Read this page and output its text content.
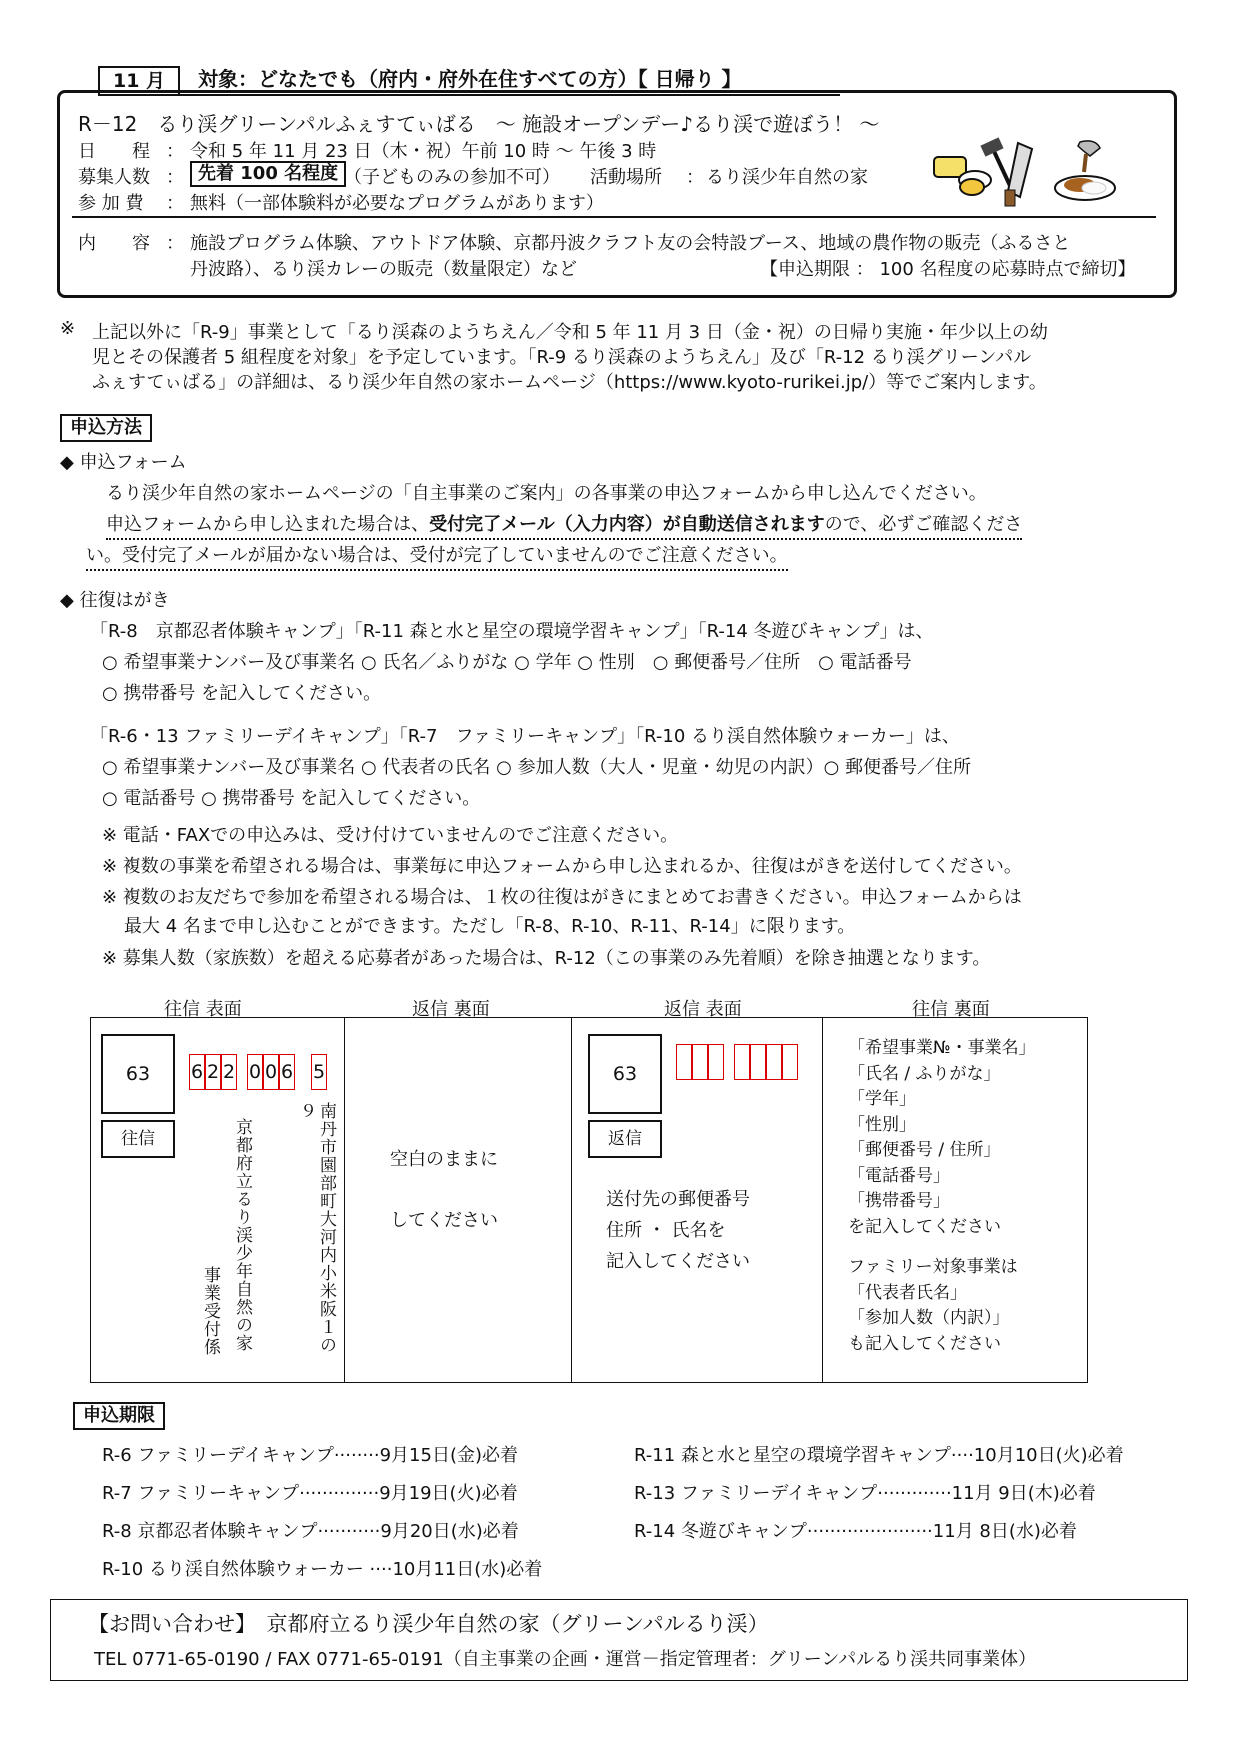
11 月	対象：どなたでも（府内・府外在住すべての方）【 日帰り 】
R－12　るり渓グリーンパルふぇすてぃばる　～ 施設オープンデー♪るり渓で遊ぼう！ ～
日　　程 ： 令和 5 年 11 月 23 日（木・祝）午前 10 時 ～ 午後 3 時
募集人数 ： 先着 100 名程度 （子どものみの参加不可） 活動場所 ： るり渓少年自然の家
参 加 費 ： 無料（一部体験料が必要なプログラムがあります）
内　　容 ： 施設プログラム体験、アウトドア体験、京都丹波クラフト友の会特設ブース、地域の農作物の販売（ふるさと
丹波路）、るり渓カレーの販売（数量限定）など	【申込期限 ： 100 名程度の応募時点で締切】
※ 上記以外に「R-9」事業として「るり渓森のようちえん／令和 5 年 11 月 3 日（金・祝）の日帰り実施・年少以上の幼
児とその保護者 5 組程度を対象」を予定しています。「R-9 るり渓森のようちえん」及び「R-12 るり渓グリーンパル
ふぇすてぃばる」の詳細は、るり渓少年自然の家ホームページ（https://www.kyoto-rurikei.jp/）等でご案内します。
申込方法
◆ 申込フォーム
るり渓少年自然の家ホームページの「自主事業のご案内」の各事業の申込フォームから申し込んでください。
申込フォームから申し込まれた場合は、受付完了メール（入力内容）が自動送信されますので、必ずご確認くださ
い。受付完了メールが届かない場合は、受付が完了していませんのでご注意ください。
◆ 往復はがき
「R-8　京都忍者体験キャンプ」「R-11 森と水と星空の環境学習キャンプ」「R-14 冬遊びキャンプ」は、
○ 希望事業ナンバー及び事業名 ○ 氏名／ふりがな ○ 学年 ○ 性別　○ 郵便番号／住所　○ 電話番号
○ 携帯番号 を記入してください。
「R-6・13 ファミリーデイキャンプ」「R-7　ファミリーキャンプ」「R-10 るり渓自然体験ウォーカー」は、
○ 希望事業ナンバー及び事業名 ○ 代表者の氏名 ○ 参加人数（大人・児童・幼児の内訳）○ 郵便番号／住所
○ 電話番号 ○ 携帯番号 を記入してください。
※ 電話・FAXでの申込みは、受け付けていませんのでご注意ください。
※ 複数の事業を希望される場合は、事業毎に申込フォームから申し込まれるか、往復はがきを送付してください。
※ 複数のお友だちで参加を希望される場合は、１枚の往復はがきにまとめてお書きください。申込フォームからは
最大 4 名まで申し込むことができます。ただし「R-8、R-10、R-11、R-14」に限ります。
※ 募集人数（家族数）を超える応募者があった場合は、R-12（この事業のみ先着順）を除き抽選となります。
往信 表面	返信 裏面	返信 表面	往信 裏面
63	6 2 2 0 0 6 5
往信	南丹市園部町大河内小米阪１の９
京都府立るり渓少年自然の家
事業受付係
空白のままに
してください
63
返信
送付先の郵便番号
住所 ・ 氏名を
記入してください
「希望事業№・事業名」
「氏名 / ふりがな」
「学年」
「性別」
「郵便番号 / 住所」
「電話番号」
「携帯番号」
を記入してください
ファミリー対象事業は
「代表者氏名」
「参加人数（内訳）」
も記入してください
申込期限
R-6 ファミリーデイキャンプ········9月15日(金)必着
R-7 ファミリーキャンプ··············9月19日(火)必着
R-8 京都忍者体験キャンプ···········9月20日(水)必着
R-10 るり渓自然体験ウォーカー ····10月11日(水)必着
R-11 森と水と星空の環境学習キャンプ····10月10日(火)必着
R-13 ファミリーデイキャンプ·············11月 9日(木)必着
R-14 冬遊びキャンプ······················11月 8日(水)必着
【お問い合わせ】　京都府立るり渓少年自然の家（グリーンパルるり渓）
TEL 0771-65-0190 / FAX 0771-65-0191（自主事業の企画・運営－指定管理者：グリーンパルるり渓共同事業体）
